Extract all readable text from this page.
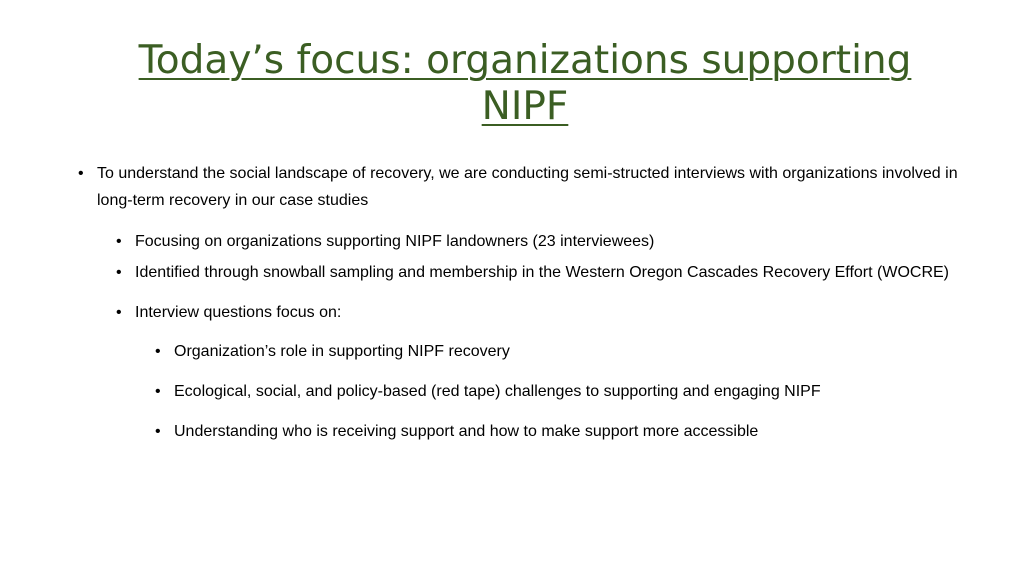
Today’s focus: organizations supporting NIPF
• To understand the social landscape of recovery, we are conducting semi-structed interviews with organizations involved in long-term recovery in our case studies
• Focusing on organizations supporting NIPF landowners (23 interviewees)
• Identified through snowball sampling and membership in the Western Oregon Cascades Recovery Effort (WOCRE)
• Interview questions focus on:
• Organization’s role in supporting NIPF recovery
• Ecological, social, and policy-based (red tape) challenges to supporting and engaging NIPF
• Understanding who is receiving support and how to make support more accessible
